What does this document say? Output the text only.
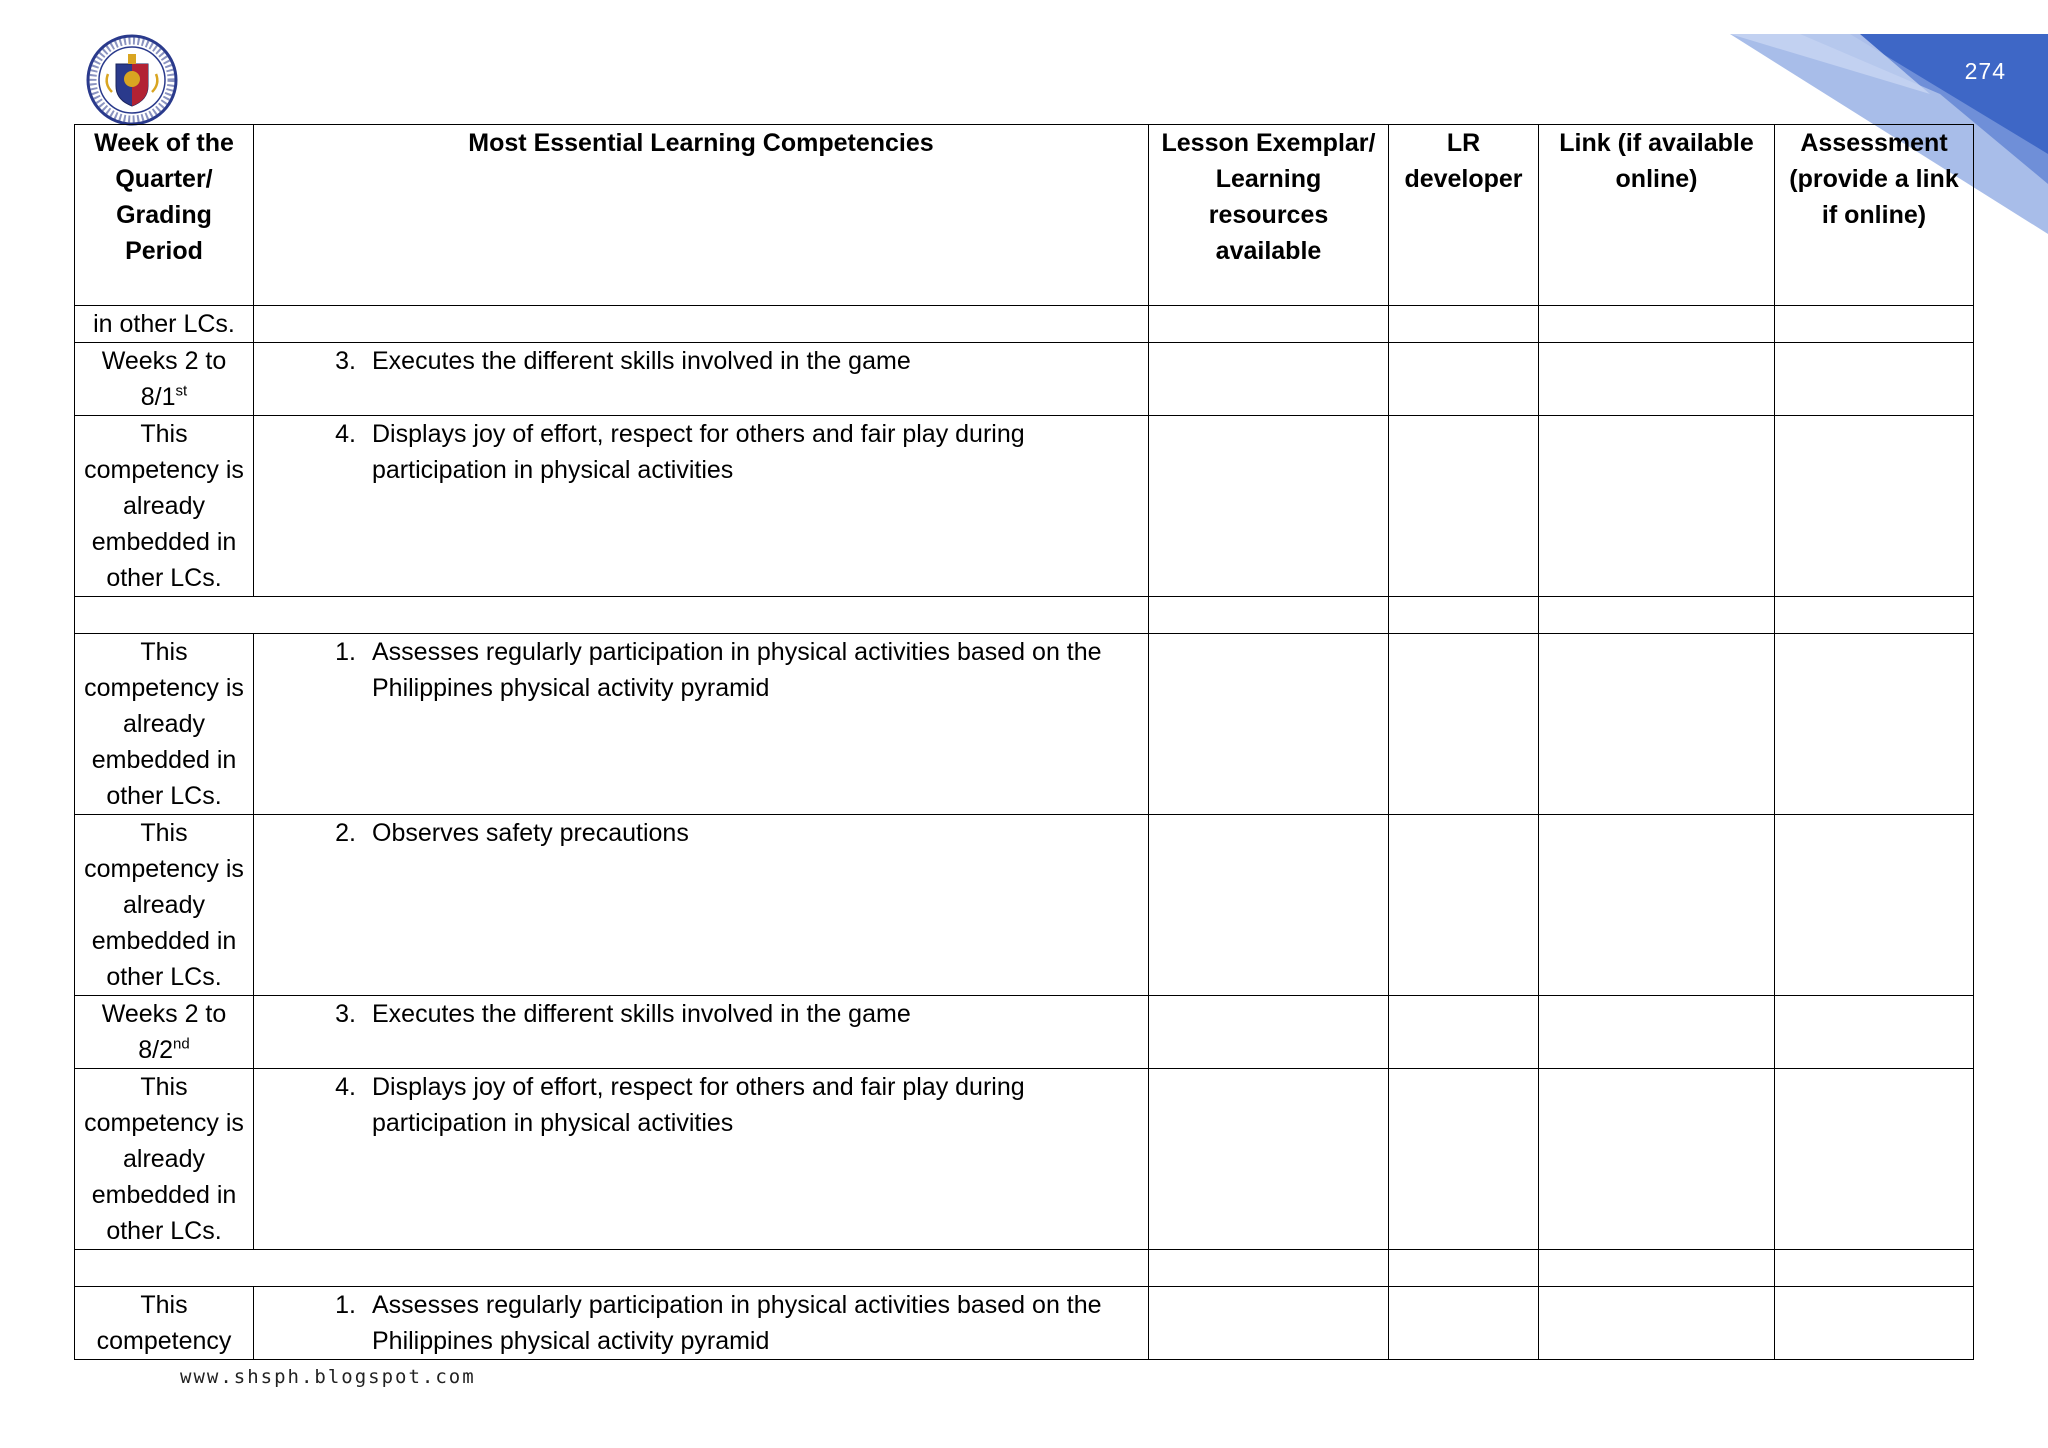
274
Week of the Quarter/ Grading Period	Most Essential Learning Competencies	Lesson Exemplar/ Learning resources available	LR developer	Link (if available online)	Assessment (provide a link if online)
in other LCs.					
Weeks 2 to 8/1st	3. Executes the different skills involved in the game				

This competency is already embedded in other LCs.	4. Displays joy of effort, respect for others and fair play during participation in physical activities				

This competency is already embedded in other LCs.	1. Assesses regularly participation in physical activities based on the Philippines physical activity pyramid				

This competency is already embedded in other LCs.	2. Observes safety precautions				

Weeks 2 to 8/2nd	3. Executes the different skills involved in the game				

This competency is already embedded in other LCs.	4. Displays joy of effort, respect for others and fair play during participation in physical activities				

This competency	1. Assesses regularly participation in physical activities based on the Philippines physical activity pyramid				

www.shsph.blogspot.com
